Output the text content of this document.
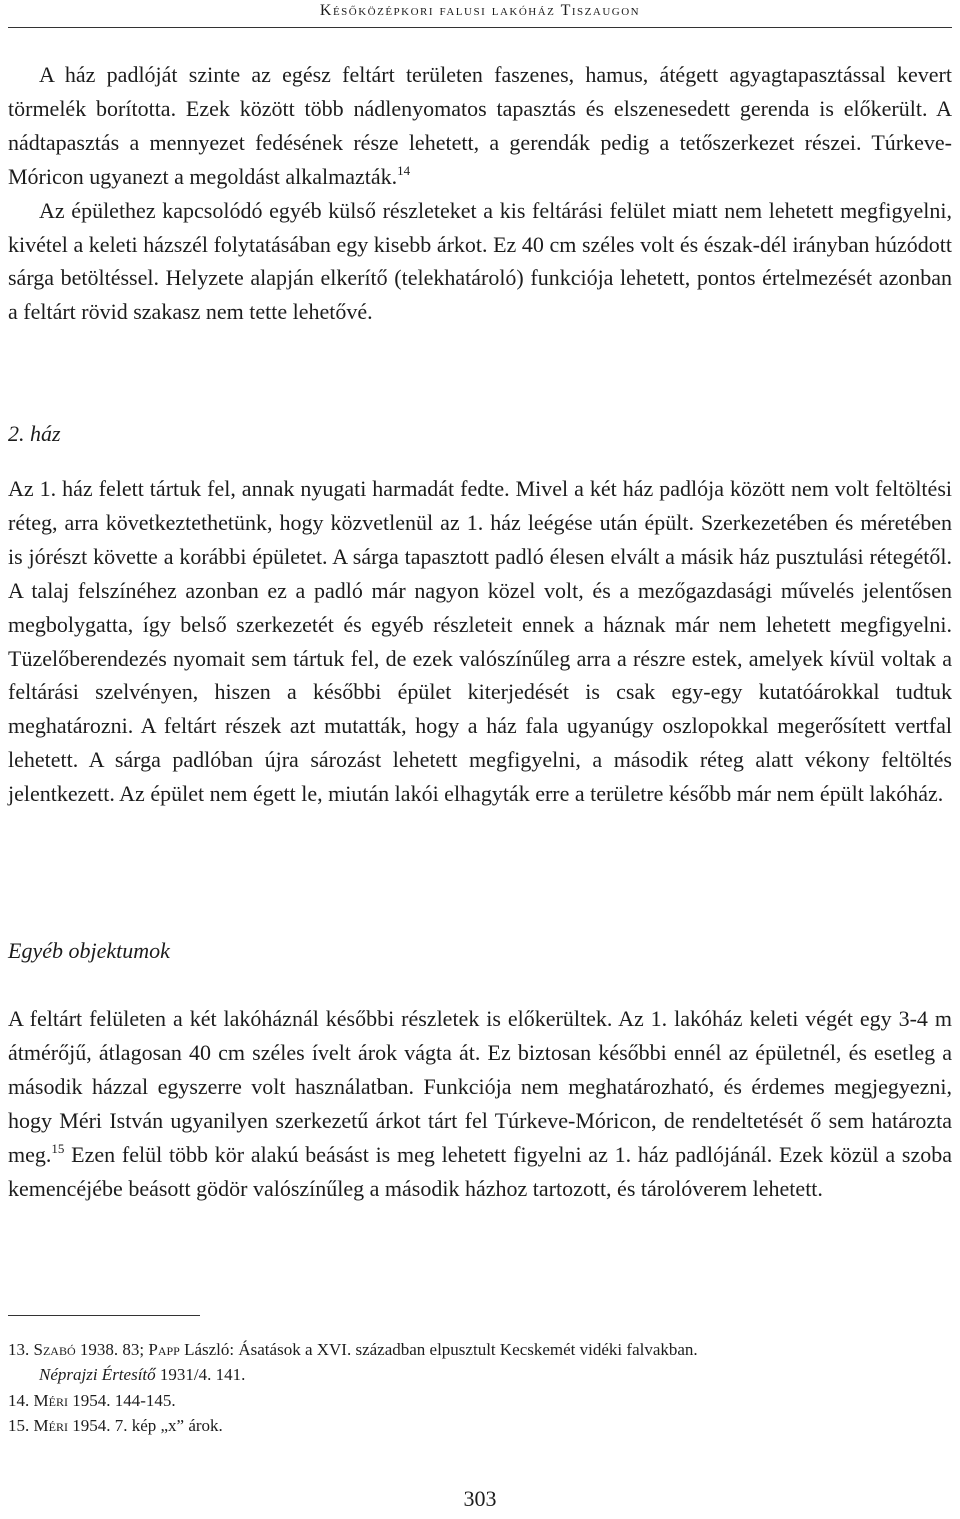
Későközépkori falusi lakóház Tiszaugon

A ház padlóját szinte az egész feltárt területen faszenes, hamus, átégett agyagtapasztással kevert törmelék borította. Ezek között több nádlenyomatos tapasztás és elszenesedett gerenda is előkerült. A nádtapasztás a mennyezet fedésének része lehetett, a gerendák pedig a tetőszerkezet részei. Túrkeve-Móricon ugyanezt a megoldást alkalmazták.$^{14}$

Az épülethez kapcsolódó egyéb külső részleteket a kis feltárási felület miatt nem lehetett megfigyelni, kivétel a keleti házszél folytatásában egy kisebb árkot. Ez 40 cm széles volt és észak-dél irányban húzódott sárga betöltéssel. Helyzete alapján elkerítő (telekhatároló) funkciója lehetett, pontos értelmezését azonban a feltárt rövid szakasz nem tette lehetővé.

2. ház

Az 1. ház felett tártuk fel, annak nyugati harmadát fedte. Mivel a két ház padlója között nem volt feltöltési réteg, arra következtethetünk, hogy közvetlenül az 1. ház leégése után épült. Szerkezetében és méretében is jórészt követte a korábbi épületet. A sárga tapasztott padló élesen elvált a másik ház pusztulási rétegétől. A talaj felszínéhez azonban ez a padló már nagyon közel volt, és a mezőgazdasági művelés jelentősen megbolygatta, így belső szerkezetét és egyéb részleteit ennek a háznak már nem lehetett megfigyelni. Tüzelőberendezés nyomait sem tártuk fel, de ezek valószínűleg arra a részre estek, amelyek kívül voltak a feltárási szelvényen, hiszen a későbbi épület kiterjedését is csak egy-egy kutatóárokkal tudtuk meghatározni. A feltárt részek azt mutatták, hogy a ház fala ugyanúgy oszlopokkal megerősített vertfal lehetett. A sárga padlóban újra sározást lehetett megfigyelni, a második réteg alatt vékony feltöltés jelentkezett. Az épület nem égett le, miután lakói elhagyták erre a területre később már nem épült lakóház.

Egyéb objektumok

A feltárt felületen a két lakóháznál későbbi részletek is előkerültek. Az 1. lakóház keleti végét egy 3-4 m átmérőjű, átlagosan 40 cm széles ívelt árok vágta át. Ez biztosan későbbi ennél az épületnél, és esetleg a második házzal egyszerre volt használatban. Funkciója nem meghatározható, és érdemes megjegyezni, hogy Méri István ugyanilyen szerkezetű árkot tárt fel Túrkeve-Móricon, de rendeltetését ő sem határozta meg.$^{15}$ Ezen felül több kör alakú beásást is meg lehetett figyelni az 1. ház padlójánál. Ezek közül a szoba kemencéjébe beásott gödör valószínűleg a második házhoz tartozott, és tárolóverem lehetett.

13. Szabó 1938. 83; Papp László: Ásatások a XVI. században elpusztult Kecskemét vidéki falvakban.
Néprajzi Értesítő 1931/4. 141.

14. Méri 1954. 144-145.

15. Méri 1954. 7. kép „x” árok.

303
